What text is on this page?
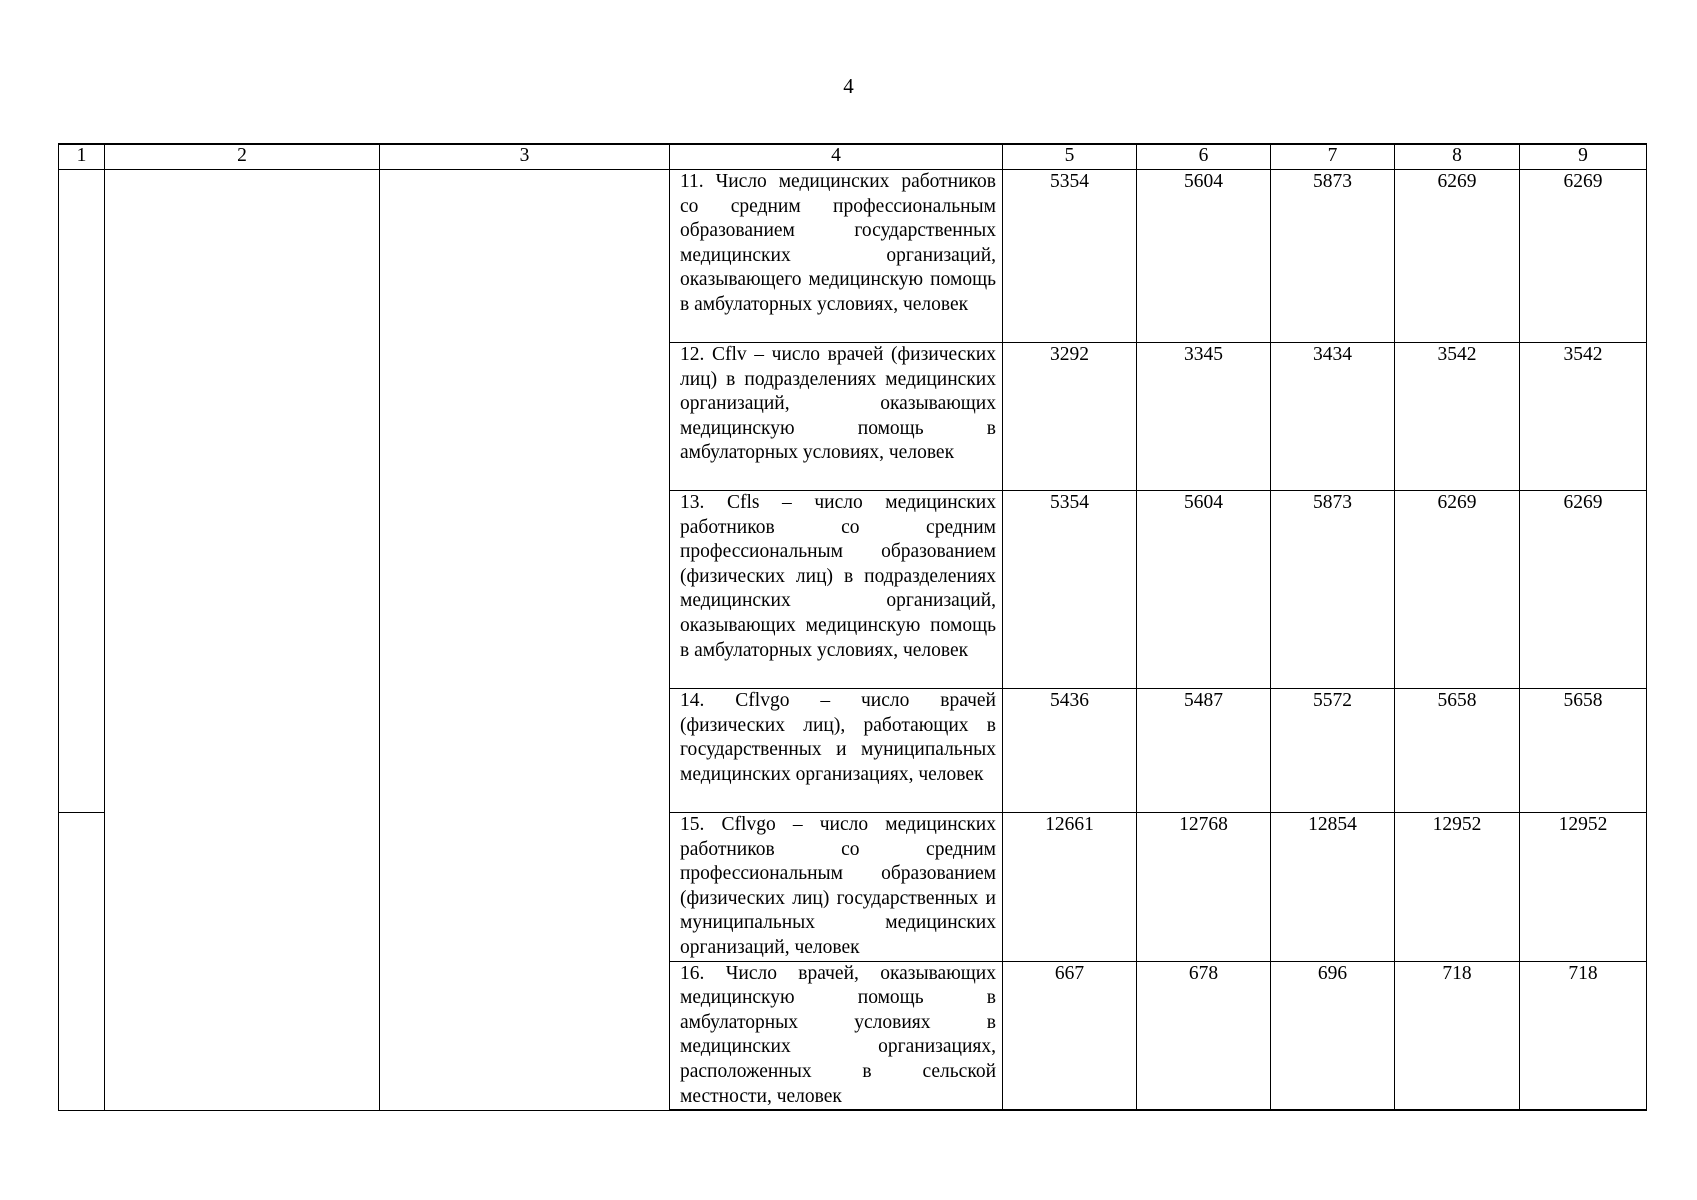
4
1	2	3	4	5	6	7	8	9
			11. Число медицинских работников со средним профессиональным образованием государственных медицинских организаций, оказывающего медицинскую помощь в амбулаторных условиях, человек	5354	5604	5873	6269	6269
			12. Cflv – число врачей (физических лиц) в подразделениях медицинских организаций, оказывающих медицинскую помощь в амбулаторных условиях, человек	3292	3345	3434	3542	3542
			13. Cfls – число медицинских работников со средним профессиональным образованием (физических лиц) в подразделениях медицинских организаций, оказывающих медицинскую помощь в амбулаторных условиях, человек	5354	5604	5873	6269	6269
			14. Cflvgo – число врачей (физических лиц), работающих в государственных и муниципальных медицинских организациях, человек	5436	5487	5572	5658	5658
			15. Cflvgo – число медицинских работников со средним профессиональным образованием (физических лиц) государственных и муниципальных медицинских организаций, человек	12661	12768	12854	12952	12952
			16. Число врачей, оказывающих медицинскую помощь в амбулаторных условиях в медицинских организациях, расположенных в сельской местности, человек	667	678	696	718	718
